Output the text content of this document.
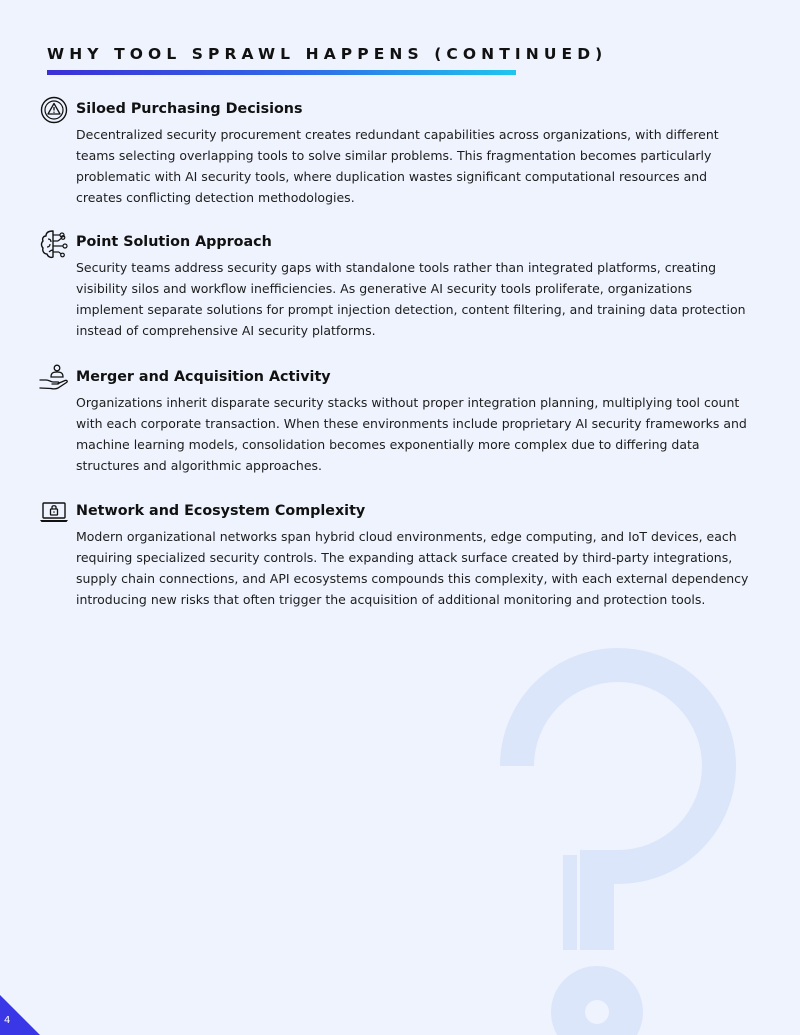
WHY TOOL SPRAWL HAPPENS (CONTINUED)
Siloed Purchasing Decisions

Decentralized security procurement creates redundant capabilities across organizations, with different teams selecting overlapping tools to solve similar problems. This fragmentation becomes particularly problematic with AI security tools, where duplication wastes significant computational resources and creates conflicting detection methodologies.

Point Solution Approach

Security teams address security gaps with standalone tools rather than integrated platforms, creating visibility silos and workflow inefficiencies. As generative AI security tools proliferate, organizations implement separate solutions for prompt injection detection, content filtering, and training data protection instead of comprehensive AI security platforms.

Merger and Acquisition Activity

Organizations inherit disparate security stacks without proper integration planning, multiplying tool count with each corporate transaction. When these environments include proprietary AI security frameworks and machine learning models, consolidation becomes exponentially more complex due to differing data structures and algorithmic approaches.

Network and Ecosystem Complexity

Modern organizational networks span hybrid cloud environments, edge computing, and IoT devices, each requiring specialized security controls. The expanding attack surface created by third-party integrations, supply chain connections, and API ecosystems compounds this complexity, with each external dependency introducing new risks that often trigger the acquisition of additional monitoring and protection tools.

4
